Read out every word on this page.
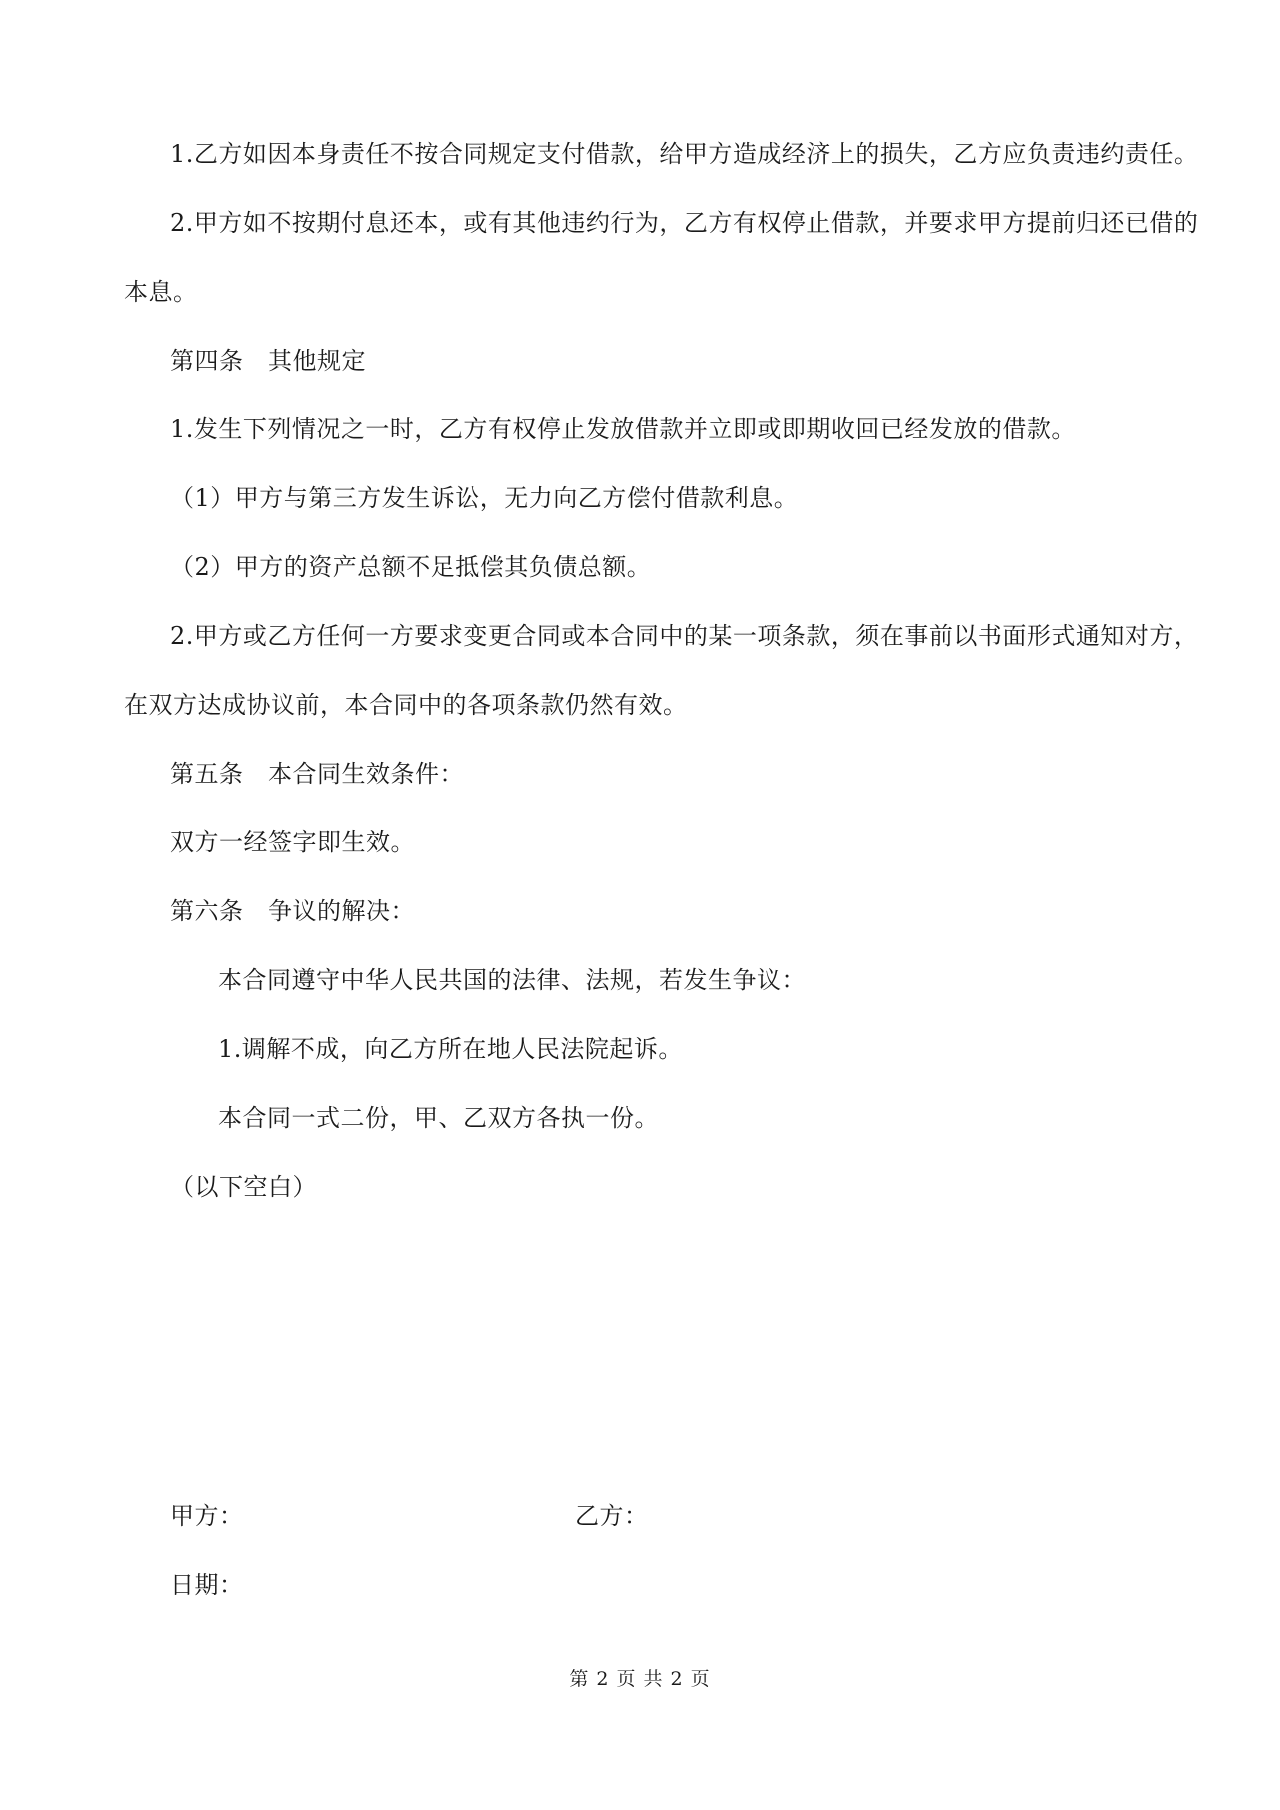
1.乙方如因本身责任不按合同规定支付借款，给甲方造成经济上的损失，乙方应负责违约责任。
2.甲方如不按期付息还本，或有其他违约行为，乙方有权停止借款，并要求甲方提前归还已借的
本息。
第四条　其他规定
1.发生下列情况之一时，乙方有权停止发放借款并立即或即期收回已经发放的借款。
（1）甲方与第三方发生诉讼，无力向乙方偿付借款利息。
（2）甲方的资产总额不足抵偿其负债总额。
2.甲方或乙方任何一方要求变更合同或本合同中的某一项条款，须在事前以书面形式通知对方，
在双方达成协议前，本合同中的各项条款仍然有效。
第五条　本合同生效条件：
双方一经签字即生效。
第六条　争议的解决：
本合同遵守中华人民共国的法律、法规，若发生争议：
1.调解不成，向乙方所在地人民法院起诉。
本合同一式二份，甲、乙双方各执一份。
（以下空白）
甲方：	乙方：
日期：
第 2 页 共 2 页
